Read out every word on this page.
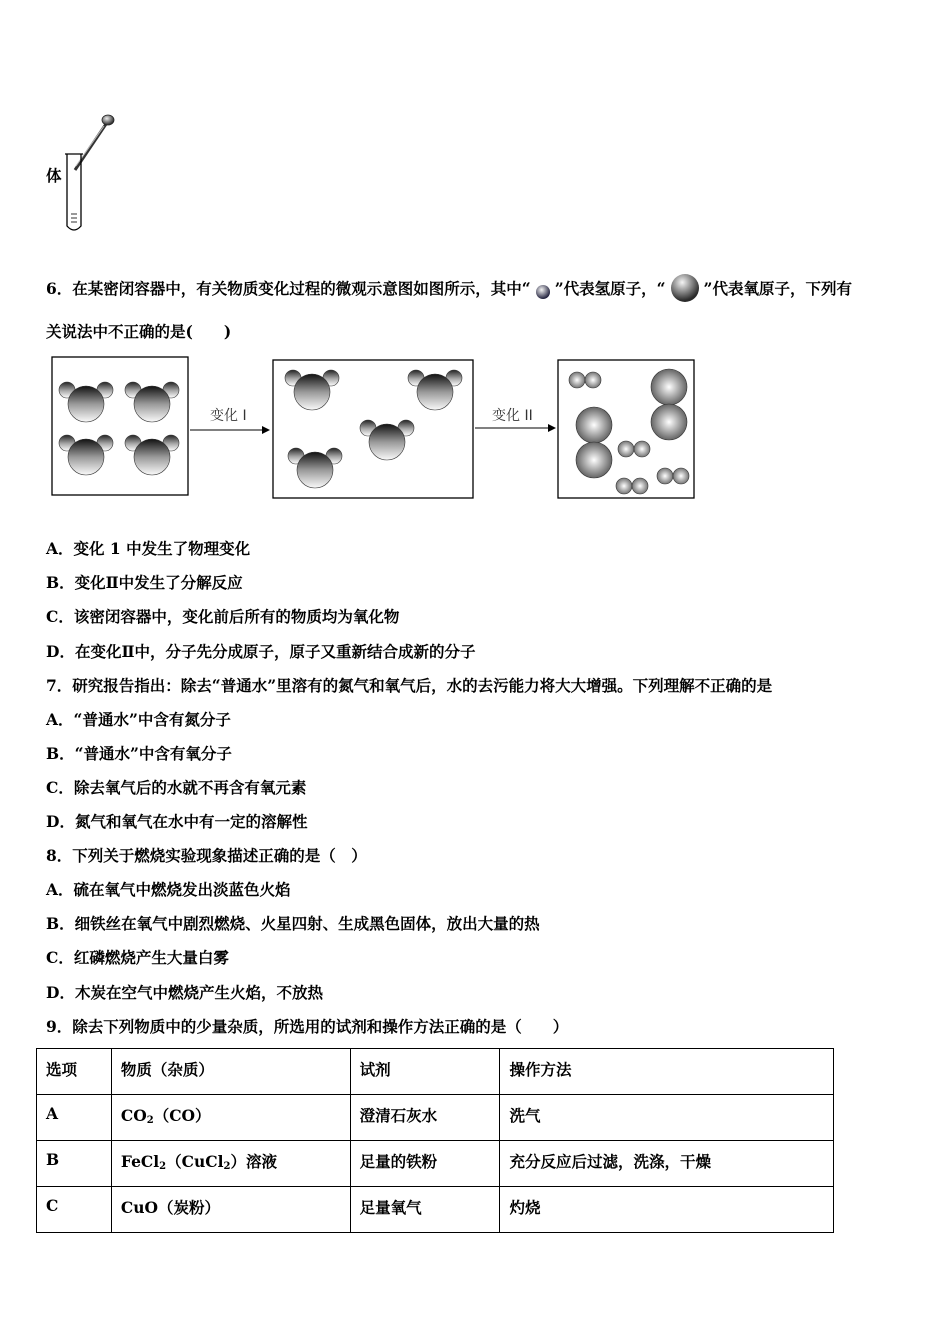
体
6．在某密闭容器中，有关物质变化过程的微观示意图如图所示，其中“ ”代表氢原子，“ ”代表氧原子，下列有
关说法中不正确的是(　　)
变化 I	变化 II
A．变化 1 中发生了物理变化
B．变化Ⅱ中发生了分解反应
C．该密闭容器中，变化前后所有的物质均为氧化物
D．在变化Ⅱ中，分子先分成原子，原子又重新结合成新的分子
7．研究报告指出：除去“普通水”里溶有的氮气和氧气后，水的去污能力将大大增强。下列理解不正确的是
A．“普通水”中含有氮分子
B．“普通水”中含有氧分子
C．除去氧气后的水就不再含有氧元素
D．氮气和氧气在水中有一定的溶解性
8．下列关于燃烧实验现象描述正确的是（　）
A．硫在氧气中燃烧发出淡蓝色火焰
B．细铁丝在氧气中剧烈燃烧、火星四射、生成黑色固体，放出大量的热
C．红磷燃烧产生大量白雾
D．木炭在空气中燃烧产生火焰，不放热
9．除去下列物质中的少量杂质，所选用的试剂和操作方法正确的是（　　）
选项	物质（杂质）	试剂	操作方法
A	$CO_2(CO)$	澄清石灰水	洗气
B	FeCl$_2$（CuCl$_2$）溶液	足量的铁粉	充分反应后过滤，洗涤，干燥
C	CuO（炭粉）	足量氧气	灼烧
